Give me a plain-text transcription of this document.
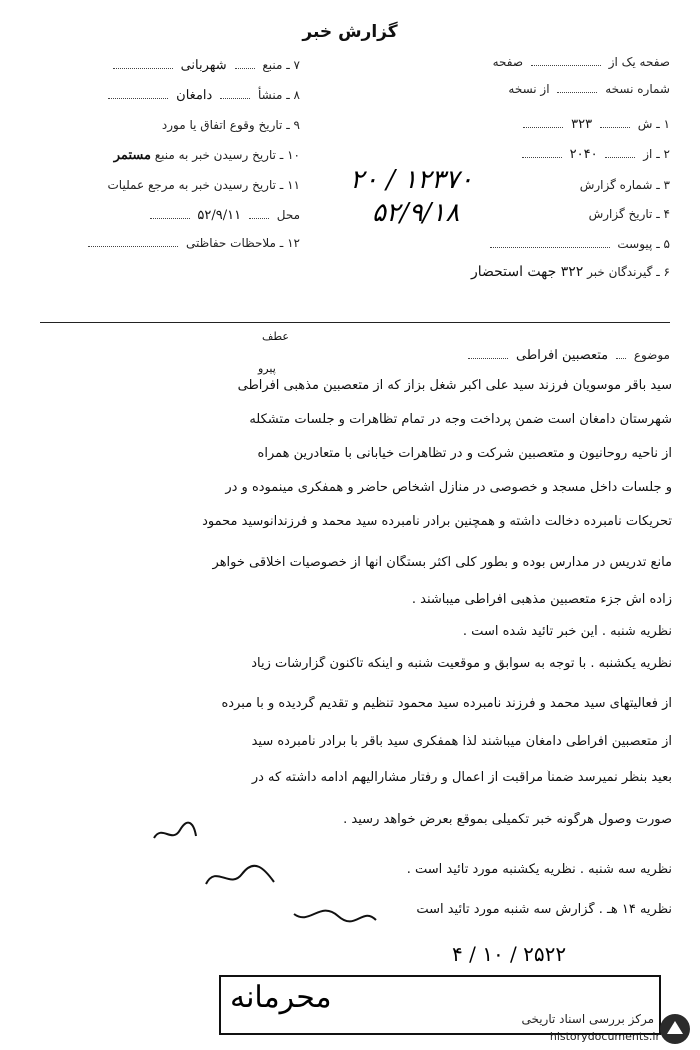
گزارش خبر
صفحه یک از  صفحه
شماره نسخه  از نسخه
۱ ـ ش  ۳۲۳
۲ ـ از  ۲۰۴۰
۳ ـ شماره گزارش
۱۲۳۷۰ / ۲۰
۴ ـ تاریخ گزارش
۵۲/۹/۱۸
۵ ـ پیوست
۶ ـ گیرندگان خبر ۳۲۲ جهت استحضار
۷ ـ منبع  شهربانی
۸ ـ منشأ  دامغان
۹ ـ تاریخ وقوع اتفاق یا مورد
۱۰ ـ تاریخ رسیدن خبر به منبع مستمر
۱۱ ـ تاریخ رسیدن خبر به مرجع عملیات
محل  ۵۲/۹/۱۱
۱۲ ـ ملاحظات حفاظتی
عطف
پیرو
موضوع  متعصبین افراطی
سید باقر موسویان فرزند سید علی اکبر شغل بزاز که از متعصبین مذهبی افراطی
شهرستان دامغان است ضمن پرداخت وجه در تمام تظاهرات و جلسات متشکله
از ناحیه روحانیون و متعصبین شرکت و در تظاهرات خیابانی با متعادرین همراه
و جلسات داخل مسجد و خصوصی در منازل اشخاص حاضر و همفکری مینموده و در
تحریکات نامبرده دخالت داشته و همچنین برادر نامبرده سید محمد و فرزندانوسید محمود
مانع تدریس در مدارس بوده و بطور کلی اکثر بستگان آنها از خصوصیات اخلاقی خواهر
زاده اش جزء متعصبین مذهبی افراطی میباشند .
نظریه شنبه . این خبر تائید شده است .
نظریه یکشنبه . با توجه به سوابق و موقعیت شنبه و اینکه تاکنون گزارشات زیاد
از فعالیتهای سید محمد و فرزند نامبرده سید محمود تنظیم و تقدیم گردیده و با مبرده
از متعصبین افراطی دامغان میباشند لذا همفکری سید باقر با برادر نامبرده سید
بعید بنظر نمیرسد ضمناً مراقبت از اعمال و رفتار مشارالیهم ادامه داشته که در
صورت وصول هرگونه خبر تکمیلی بموقع بعرض خواهد رسید .
نظریه سه شنبه . نظریه یکشنبه مورد تائید است .
نظریه ۱۴ هـ . گزارش سه شنبه مورد تائید است
۲۵۲۲ / ۱۰ / ۴
محرمانه
مرکز بررسی اسناد تاریخی
historydocuments.ir
